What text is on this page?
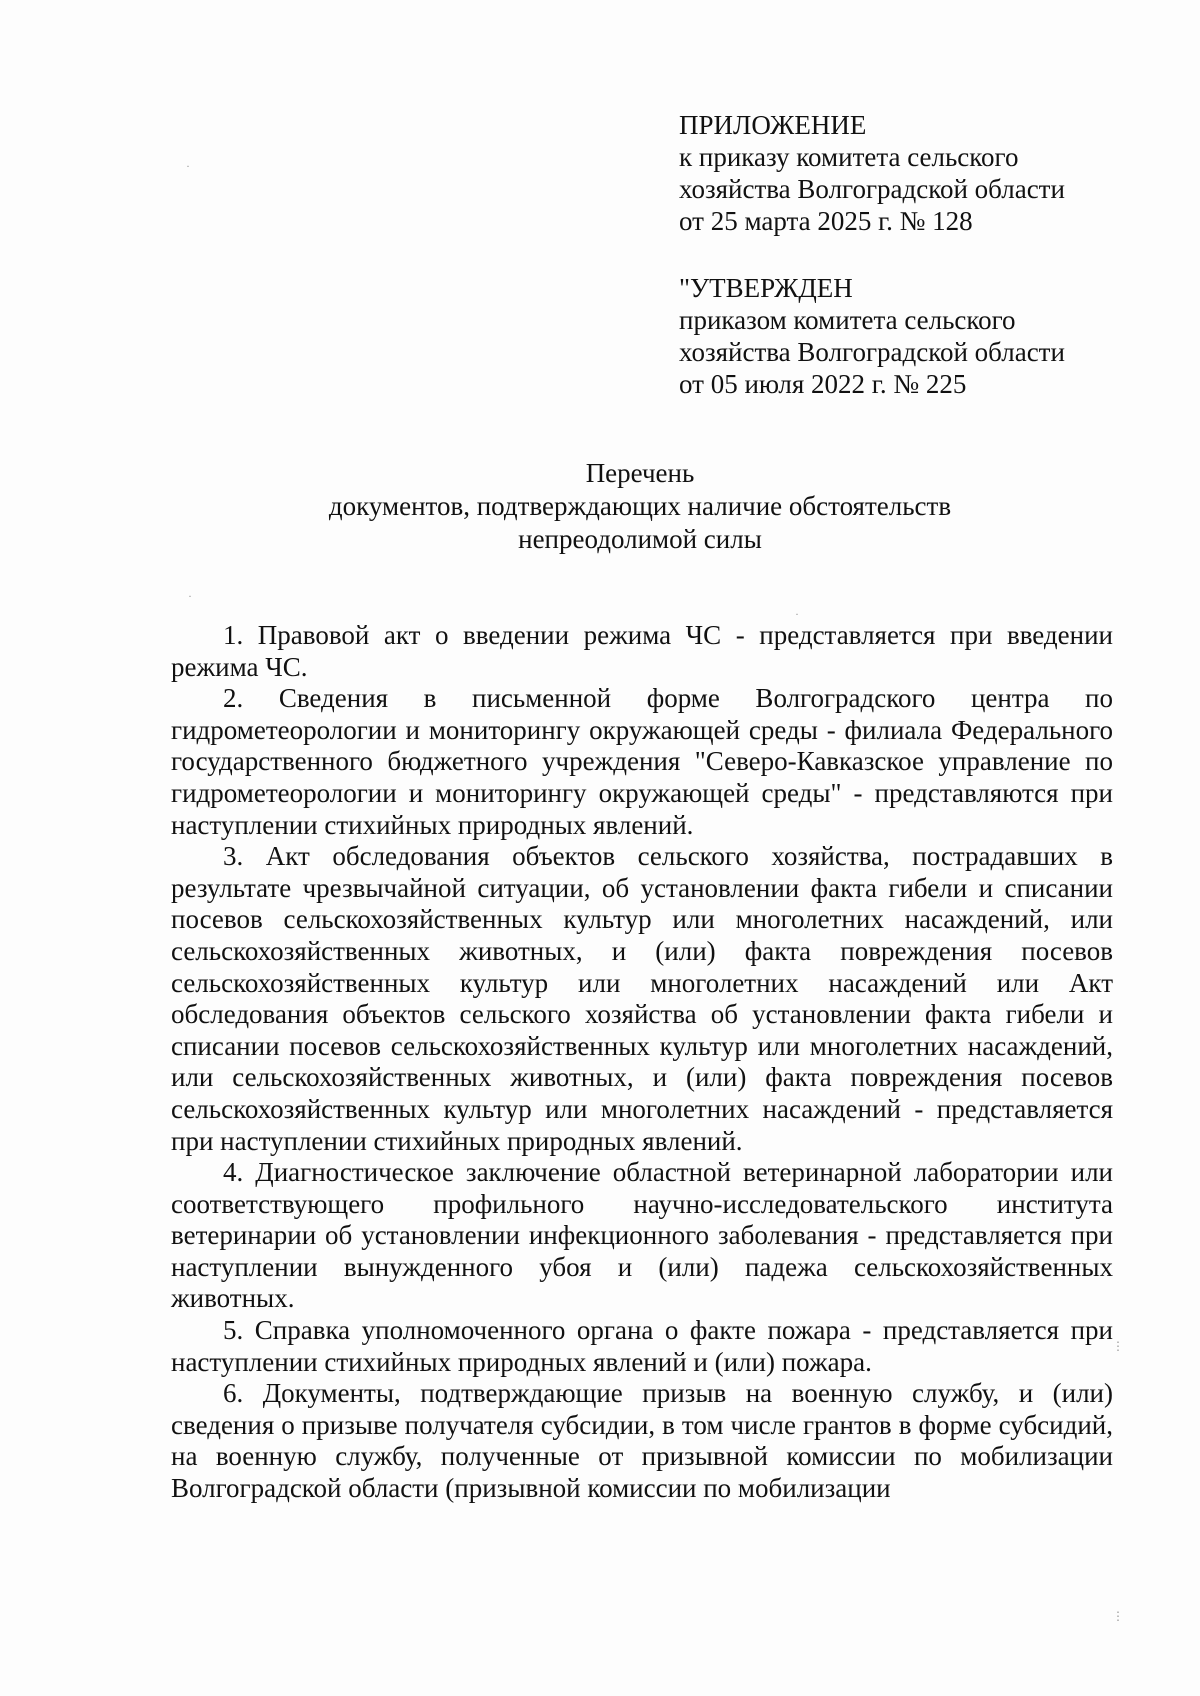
·
·
·
⋮
⋮
ПРИЛОЖЕНИЕ
к приказу комитета сельского
хозяйства Волгоградской области
от 25 марта 2025 г. № 128
"УТВЕРЖДЕН
приказом комитета сельского
хозяйства Волгоградской области
от 05 июля 2022 г. № 225
Перечень
документов, подтверждающих наличие обстоятельств
непреодолимой силы

1. Правовой акт о введении режима ЧС - представляется при введении режима ЧС.

2. Сведения в письменной форме Волгоградского центра по гидрометеорологии и мониторингу окружающей среды - филиала Федерального государственного бюджетного учреждения "Северо-Кавказское управление по гидрометеорологии и мониторингу окружающей среды" - представляются при наступлении стихийных природных явлений.

3. Акт обследования объектов сельского хозяйства, пострадавших в результате чрезвычайной ситуации, об установлении факта гибели и списании посевов сельскохозяйственных культур или многолетних насаждений, или сельскохозяйственных животных, и (или) факта повреждения посевов сельскохозяйственных культур или многолетних насаждений или Акт обследования объектов сельского хозяйства об установлении факта гибели и списании посевов сельскохозяйственных культур или многолетних насаждений, или сельскохозяйственных животных, и (или) факта повреждения посевов сельскохозяйственных культур или многолетних насаждений - представляется при наступлении стихийных природных явлений.

4. Диагностическое заключение областной ветеринарной лаборатории или соответствующего профильного научно-исследовательского института ветеринарии об установлении инфекционного заболевания - представляется при наступлении вынужденного убоя и (или) падежа сельскохозяйственных животных.

5. Справка уполномоченного органа о факте пожара - представляется при наступлении стихийных природных явлений и (или) пожара.

6. Документы, подтверждающие призыв на военную службу, и (или) сведения о призыве получателя субсидии, в том числе грантов в форме субсидий, на военную службу, полученные от призывной комиссии по мобилизации Волгоградской области (призывной комиссии по мобилизации
